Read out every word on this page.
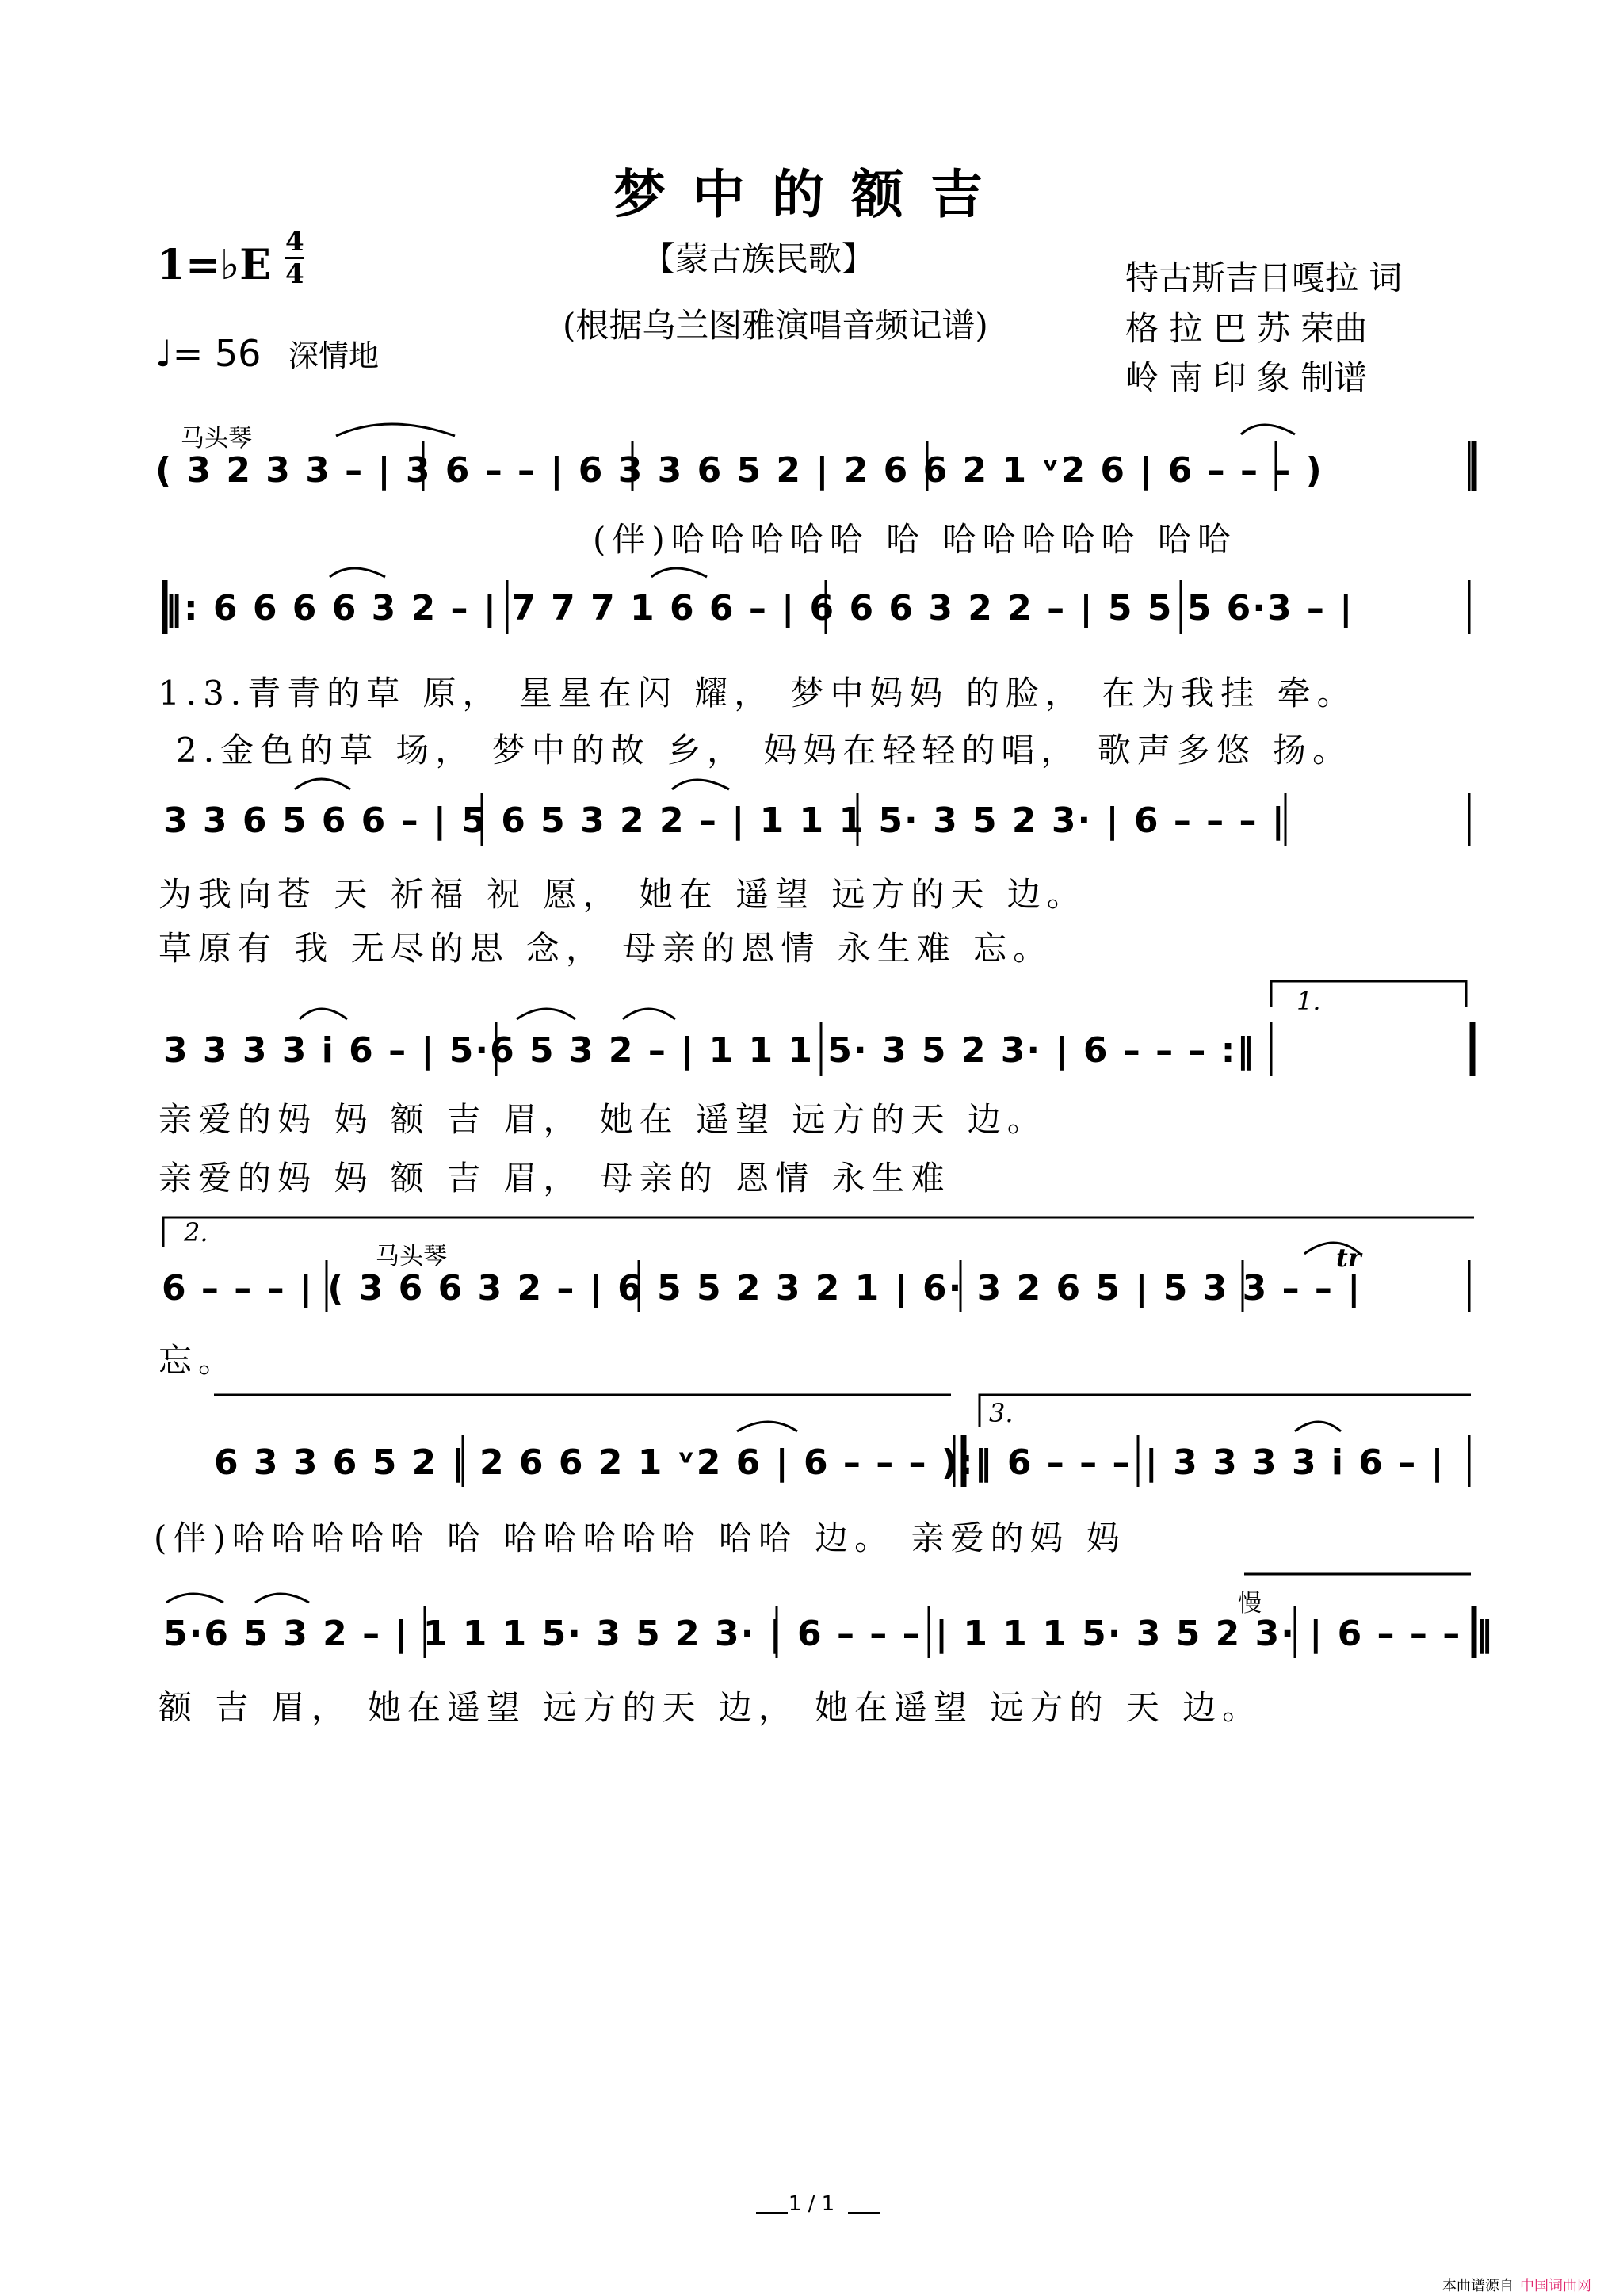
梦中的额吉
1=♭E 4
4
♩= 56 深情地
【蒙古族民歌】
(根据乌兰图雅演唱音频记谱)
特古斯吉日嘎拉 词
格 拉 巴 苏 荣曲
岭 南 印 象 制谱
马头琴
( 3 2 3 3 – | 3 6 – – | 6 3 3 6 5 2 | 2 6 6 2 1 ᵛ2 6 | 6 – – – )
(伴)哈哈哈哈哈 哈 哈哈哈哈哈 哈哈
‖: 6 6 6 6 3 2 – | 7 7 7 1 6 6 – | 6 6 6 3 2 2 – | 5 5 5 6·3 – |
1.3.青青的草 原， 星星在闪 耀， 梦中妈妈 的脸， 在为我挂 牵。
2.金色的草 场， 梦中的故 乡， 妈妈在轻轻的唱， 歌声多悠 扬。
3 3 6 5 6 6 – | 5 6 5 3 2 2 – | 1 1 1 5· 3 5 2 3· | 6 – – – |
为我向苍 天 祈福 祝 愿， 她在 遥望 远方的天 边。
草原有 我 无尽的思 念， 母亲的恩情 永生难 忘。
1.
3 3 3 3 i 6 – | 5·6 5 3 2 – | 1 1 1 5· 3 5 2 3· | 6 – – – :‖
亲爱的妈 妈 额 吉 眉， 她在 遥望 远方的天 边。
亲爱的妈 妈 额 吉 眉， 母亲的 恩情 永生难
2.
马头琴	tr
6 – – – | ( 3 6 6 3 2 – | 6 5 5 2 3 2 1 | 6· 3 2 6 5 | 5 3 3 – – |
忘。
3.
6 3 3 6 5 2 | 2 6 6 2 1 ᵛ2 6 | 6 – – – ):‖ 6 – – – | 3 3 3 3 i 6 – |
(伴)哈哈哈哈哈 哈 哈哈哈哈哈 哈哈 边。 亲爱的妈 妈
慢
5·6 5 3 2 – | 1 1 1 5· 3 5 2 3· | 6 – – – | 1 1 1 5· 3 5 2 3· | 6 – – – ‖
额 吉 眉， 她在遥望 远方的天 边， 她在遥望 远方的 天 边。
1 / 1
本曲谱源自 中国词曲网
